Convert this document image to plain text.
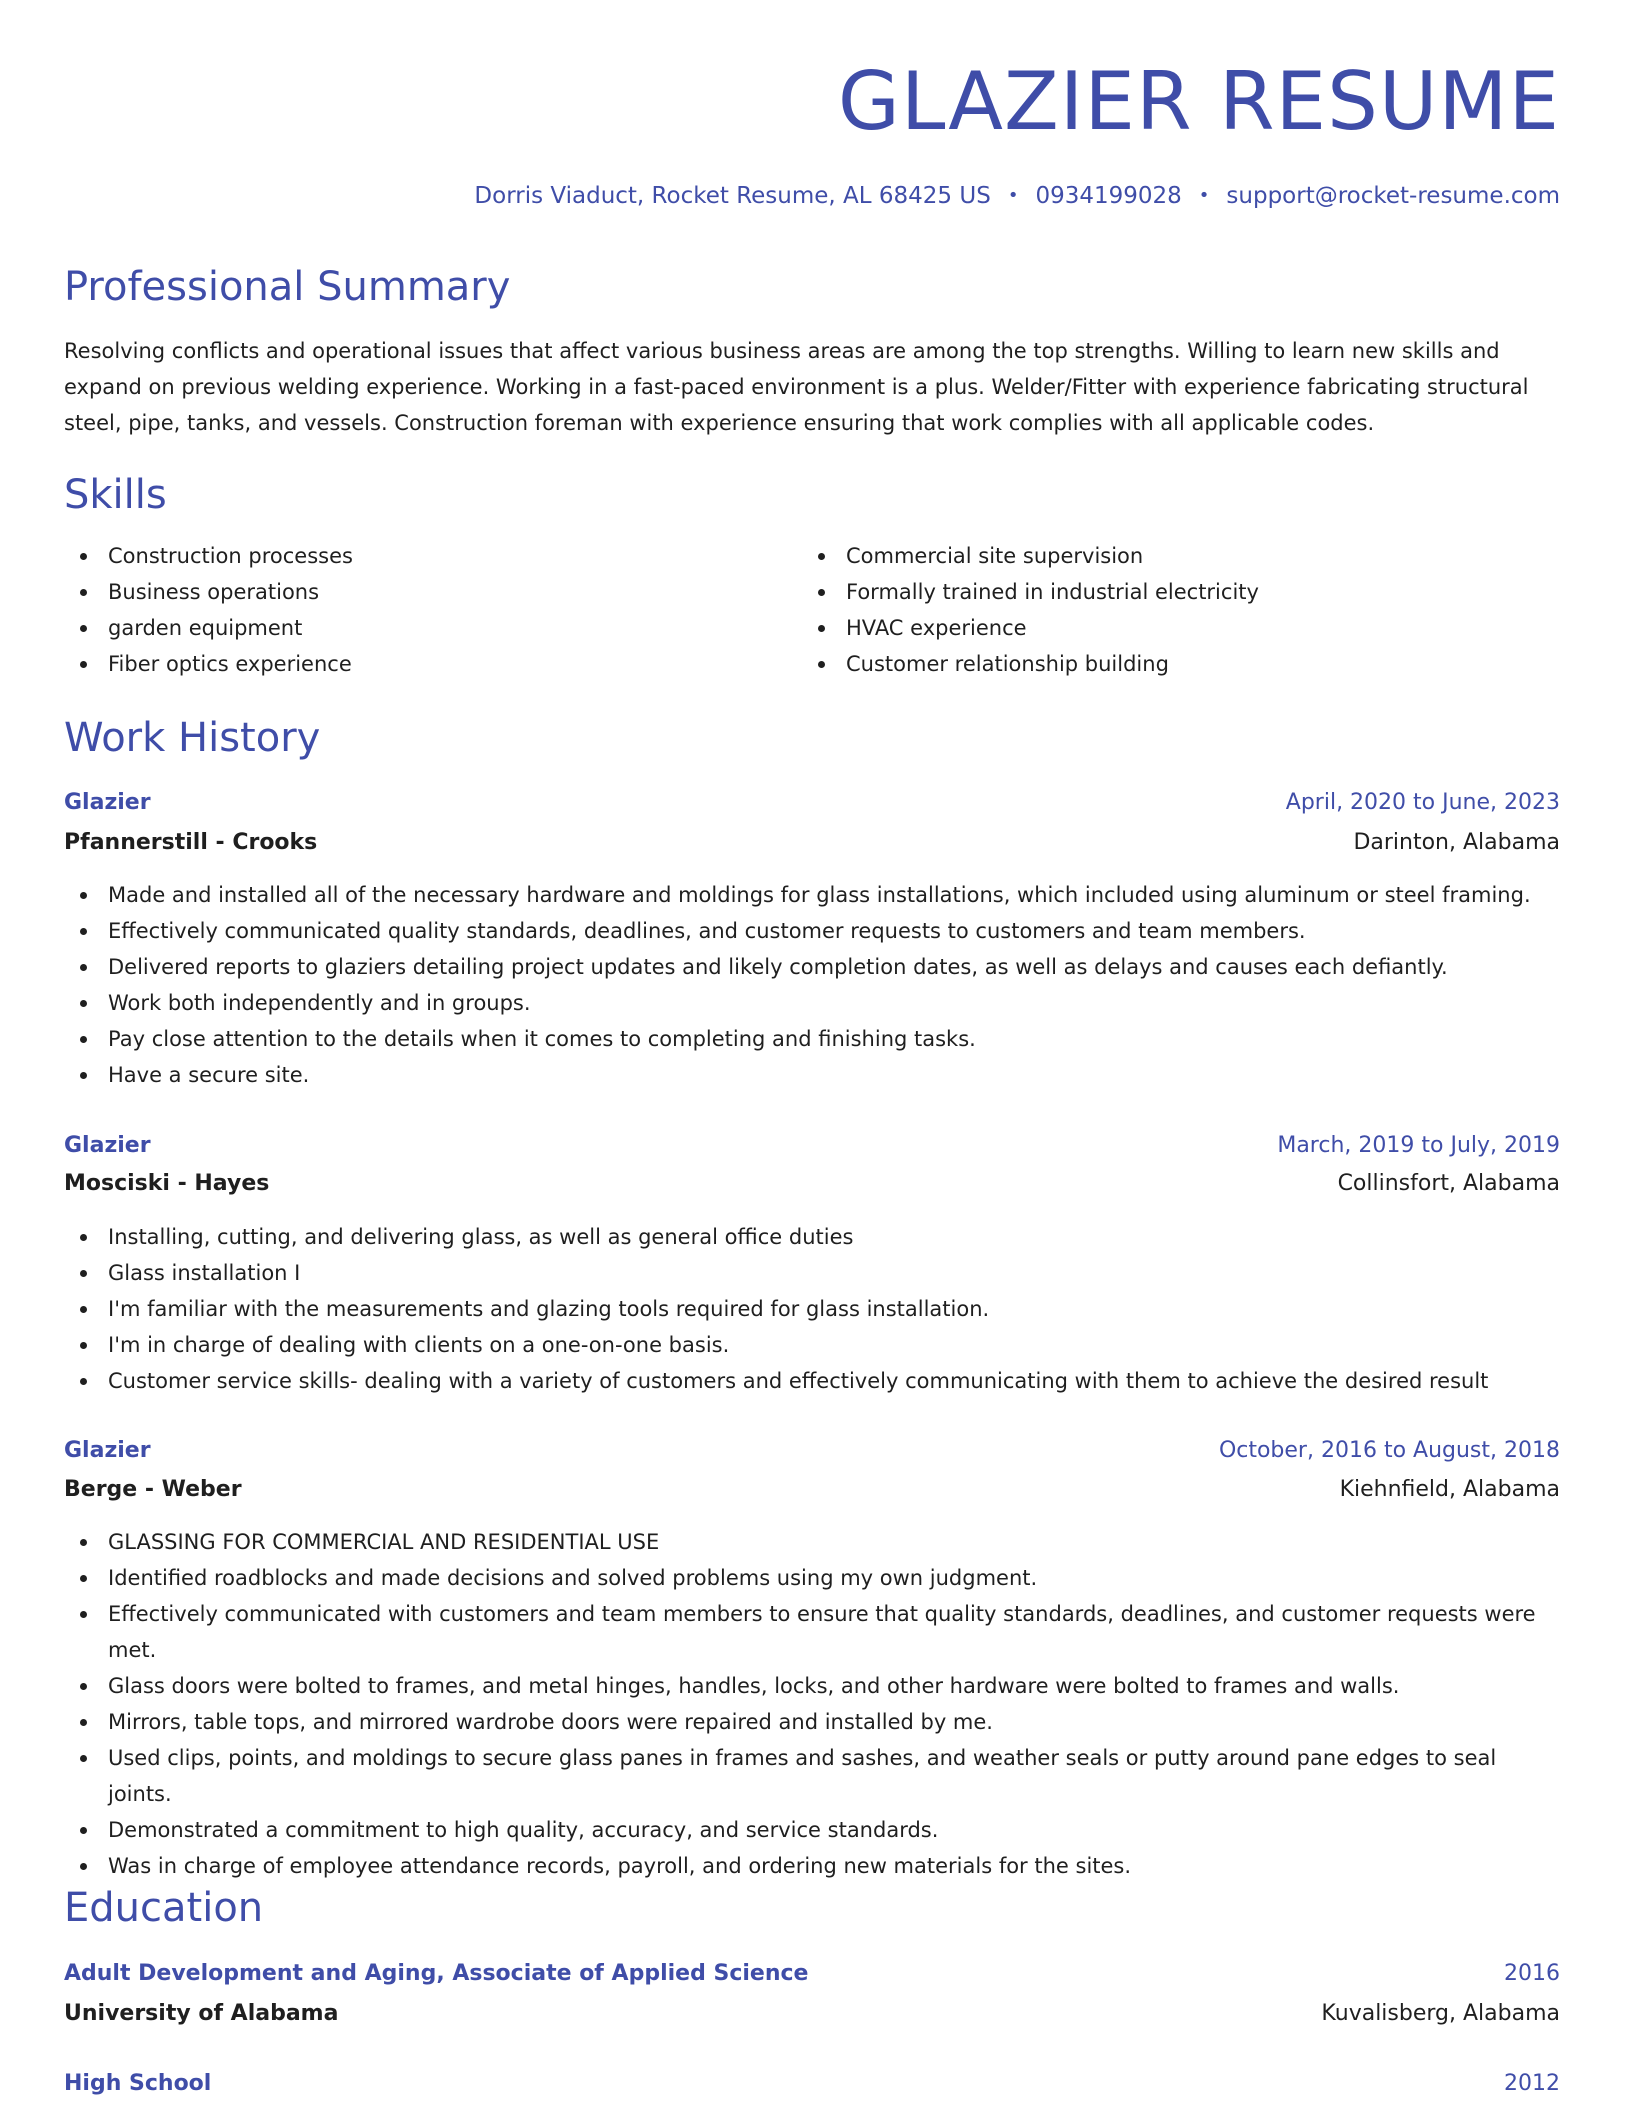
GLAZIER RESUME
Dorris Viaduct, Rocket Resume, AL 68425 US • 0934199028 • support@rocket-resume.com
Professional Summary
Resolving conflicts and operational issues that affect various business areas are among the top strengths. Willing to learn new skills and expand on previous welding experience. Working in a fast-paced environment is a plus. Welder/Fitter with experience fabricating structural steel, pipe, tanks, and vessels. Construction foreman with experience ensuring that work complies with all applicable codes.
Skills
Construction processes
Business operations
garden equipment
Fiber optics experience
Commercial site supervision
Formally trained in industrial electricity
HVAC experience
Customer relationship building
Work History
Glazier	April, 2020 to June, 2023
Pfannerstill - Crooks	Darinton, Alabama
Made and installed all of the necessary hardware and moldings for glass installations, which included using aluminum or steel framing.
Effectively communicated quality standards, deadlines, and customer requests to customers and team members.
Delivered reports to glaziers detailing project updates and likely completion dates, as well as delays and causes each defiantly.
Work both independently and in groups.
Pay close attention to the details when it comes to completing and finishing tasks.
Have a secure site.
Glazier	March, 2019 to July, 2019
Mosciski - Hayes	Collinsfort, Alabama
Installing, cutting, and delivering glass, as well as general office duties
Glass installation I
I'm familiar with the measurements and glazing tools required for glass installation.
I'm in charge of dealing with clients on a one-on-one basis.
Customer service skills- dealing with a variety of customers and effectively communicating with them to achieve the desired result
Glazier	October, 2016 to August, 2018
Berge - Weber	Kiehnfield, Alabama
GLASSING FOR COMMERCIAL AND RESIDENTIAL USE
Identified roadblocks and made decisions and solved problems using my own judgment.
Effectively communicated with customers and team members to ensure that quality standards, deadlines, and customer requests were met.
Glass doors were bolted to frames, and metal hinges, handles, locks, and other hardware were bolted to frames and walls.
Mirrors, table tops, and mirrored wardrobe doors were repaired and installed by me.
Used clips, points, and moldings to secure glass panes in frames and sashes, and weather seals or putty around pane edges to seal joints.
Demonstrated a commitment to high quality, accuracy, and service standards.
Was in charge of employee attendance records, payroll, and ordering new materials for the sites.
Education
Adult Development and Aging, Associate of Applied Science	2016
University of Alabama	Kuvalisberg, Alabama
High School	2012
